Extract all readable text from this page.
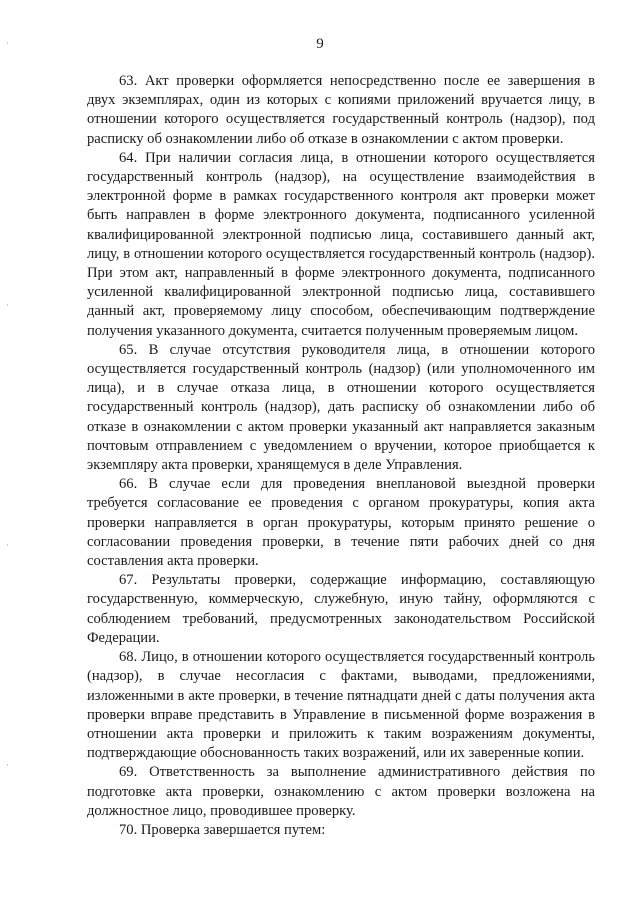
9
·
·
·
·

63. Акт проверки оформляется непосредственно после ее завершения в двух экземплярах, один из которых с копиями приложений вручается лицу, в отношении которого осуществляется государственный контроль (надзор), под расписку об ознакомлении либо об отказе в ознакомлении с актом проверки.

64. При наличии согласия лица, в отношении которого осуществляется государственный контроль (надзор), на осуществление взаимодействия в электронной форме в рамках государственного контроля акт проверки может быть направлен в форме электронного документа, подписанного усиленной квалифицированной электронной подписью лица, составившего данный акт, лицу, в отношении которого осуществляется государственный контроль (надзор). При этом акт, направленный в форме электронного документа, подписанного усиленной квалифицированной электронной подписью лица, составившего данный акт, проверяемому лицу способом, обеспечивающим подтверждение получения указанного документа, считается полученным проверяемым лицом.

65. В случае отсутствия руководителя лица, в отношении которого осуществляется государственный контроль (надзор) (или уполномоченного им лица), и в случае отказа лица, в отношении которого осуществляется государственный контроль (надзор), дать расписку об ознакомлении либо об отказе в ознакомлении с актом проверки указанный акт направляется заказным почтовым отправлением с уведомлением о вручении, которое приобщается к экземпляру акта проверки, хранящемуся в деле Управления.

66. В случае если для проведения внеплановой выездной проверки требуется согласование ее проведения с органом прокуратуры, копия акта проверки направляется в орган прокуратуры, которым принято решение о согласовании проведения проверки, в течение пяти рабочих дней со дня составления акта проверки.

67. Результаты проверки, содержащие информацию, составляющую государственную, коммерческую, служебную, иную тайну, оформляются с соблюдением требований, предусмотренных законодательством Российской Федерации.

68. Лицо, в отношении которого осуществляется государственный контроль (надзор), в случае несогласия с фактами, выводами, предложениями, изложенными в акте проверки, в течение пятнадцати дней с даты получения акта проверки вправе представить в Управление в письменной форме возражения в отношении акта проверки и приложить к таким возражениям документы, подтверждающие обоснованность таких возражений, или их заверенные копии.

69. Ответственность за выполнение административного действия по подготовке акта проверки, ознакомлению с актом проверки возложена на должностное лицо, проводившее проверку.

70. Проверка завершается путем:
